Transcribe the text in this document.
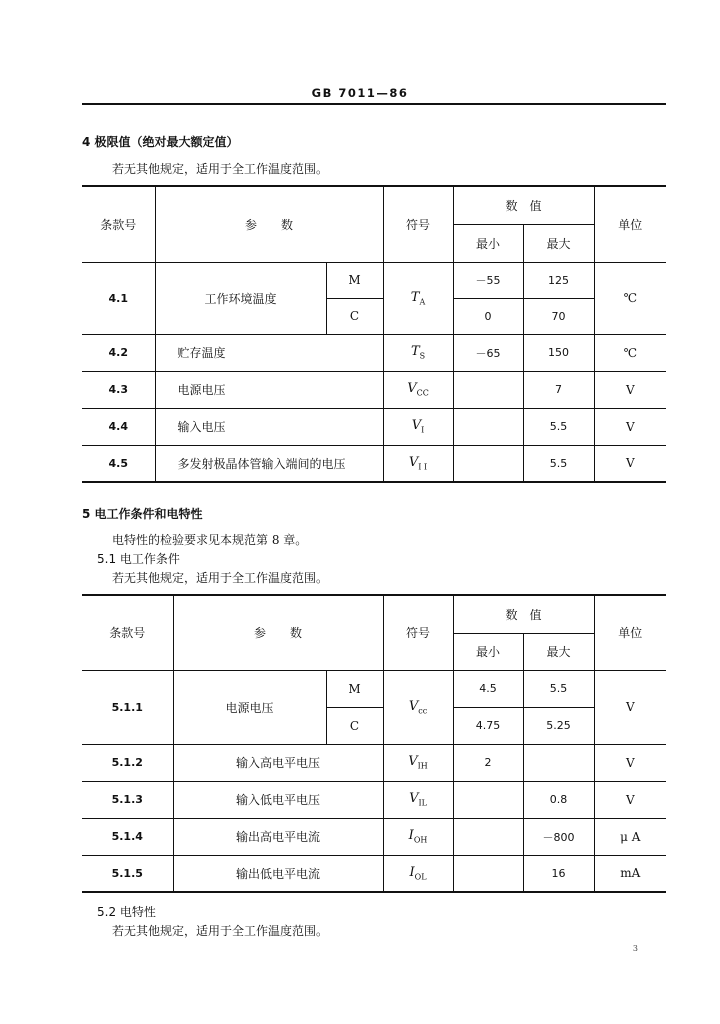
GB 7011—86
4 极限值（绝对最大额定值）
若无其他规定，适用于全工作温度范围。
条款号	参　　数		符号	数　值		单位
				最小	最大	
4.1	工作环境温度	M	$T_A$	－55	125	℃
		C		0	70	
4.2	贮存温度		$T_S$	－65	150	℃
4.3	电源电压		$V_{CC}$		7	V
4.4	输入电压		$V_I$		5.5	V
4.5	多发射极晶体管输入端间的电压		$V_{I I}$		5.5	V
5 电工作条件和电特性
电特性的检验要求见本规范第 8 章。
5.1 电工作条件
若无其他规定，适用于全工作温度范围。
条款号	参　　数		符号	数　值		单位
				最小	最大	
5.1.1	电源电压	M	$V_{cc}$	4.5	5.5	V
		C		4.75	5.25	
5.1.2	输入高电平电压		$V_{IH}$	2		V
5.1.3	输入低电平电压		$V_{IL}$		0.8	V
5.1.4	输出高电平电流		$I_{OH}$		－800	μ A
5.1.5	输出低电平电流		$I_{OL}$		16	mA
5.2 电特性
若无其他规定，适用于全工作温度范围。
3
